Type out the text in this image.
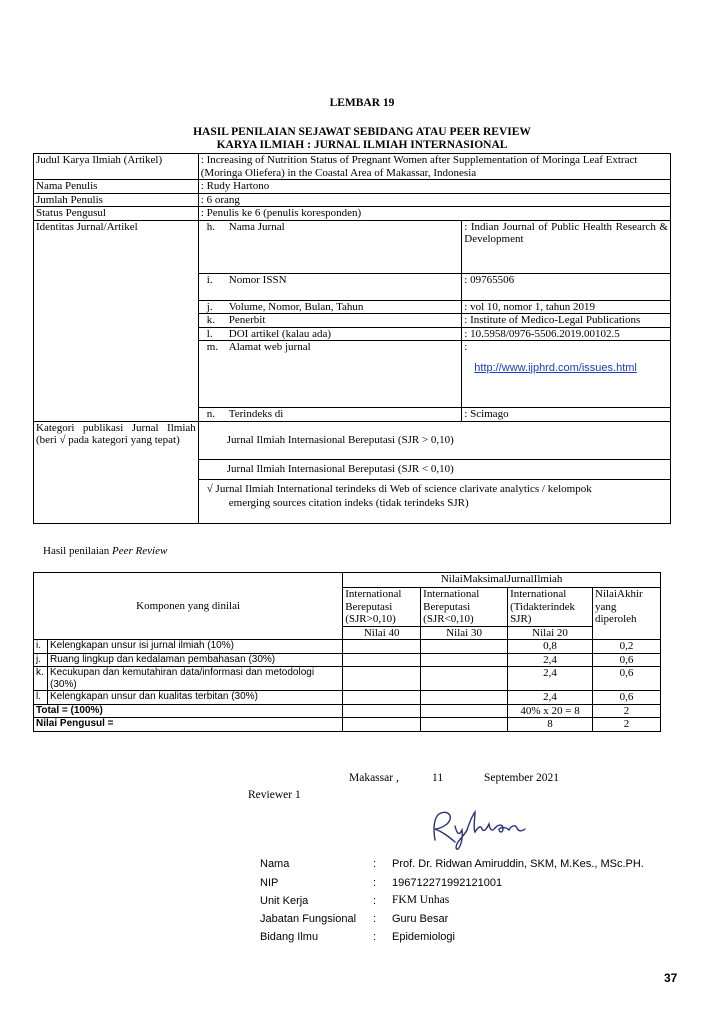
LEMBAR 19
HASIL PENILAIAN SEJAWAT SEBIDANG ATAU PEER REVIEW
KARYA ILMIAH : JURNAL ILMIAH INTERNASIONAL
Judul Karya Ilmiah (Artikel)	: Increasing of Nutrition Status of Pregnant Women after Supplementation of Moringa Leaf Extract (Moringa Oliefera) in the Coastal Area of Makassar, Indonesia	
Nama Penulis	: Rudy Hartono	
Jumlah Penulis	: 6 orang	
Status Pengusul	: Penulis ke 6 (penulis koresponden)	
Identitas Jurnal/Artikel	h. Nama Jurnal	: Indian Journal of Public Health Research & Development
	i. Nomor ISSN	: 09765506
	j. Volume, Nomor, Bulan, Tahun	: vol 10, nomor 1, tahun 2019
	k. Penerbit	: Institute of Medico-Legal Publications
	l. DOI artikel (kalau ada)	: 10.5958/0976-5506.2019.00102.5
	m. Alamat web jurnal	:
http://www.ijphrd.com/issues.html

	n. Terindeks di	: Scimago
Kategori publikasi Jurnal Ilmiah (beri √ pada kategori yang tepat)	Jurnal Ilmiah Internasional Bereputasi (SJR > 0,10)	
	Jurnal Ilmiah Internasional Bereputasi (SJR < 0,10)	

	√ Jurnal Ilmiah International terindeks di Web of science clarivate analytics / kelompok
emerging sources citation indeks (tidak terindeks SJR)	
Hasil penilaian Peer Review
Komponen yang dinilai		NilaiMaksimalJurnalIlmiah			
		International Bereputasi (SJR>0,10)	International Bereputasi (SJR<0,10)	International (Tidakterindek SJR)	NilaiAkhir yang diperoleh
		Nilai 40	Nilai 30	Nilai 20	
i.	Kelengkapan unsur isi jurnal ilmiah (10%)			0,8	0,2
j.	Ruang lingkup dan kedalaman pembahasan (30%)			2,4	0,6
k.	Kecukupan dan kemutahiran data/informasi dan metodologi (30%)			2,4	0,6
l.	Kelengkapan unsur dan kualitas terbitan (30%)			2,4	0,6
Total = (100%)				40% x 20 = 8	2
Nilai Pengusul =				8	2
Makassar ,	11	September 2021
Reviewer 1
Nama	: Prof. Dr. Ridwan Amiruddin, SKM, M.Kes., MSc.PH.
NIP	: 196712271992121001
Unit Kerja	: FKM Unhas
Jabatan Fungsional : Guru Besar
Bidang Ilmu	: Epidemiologi
37
